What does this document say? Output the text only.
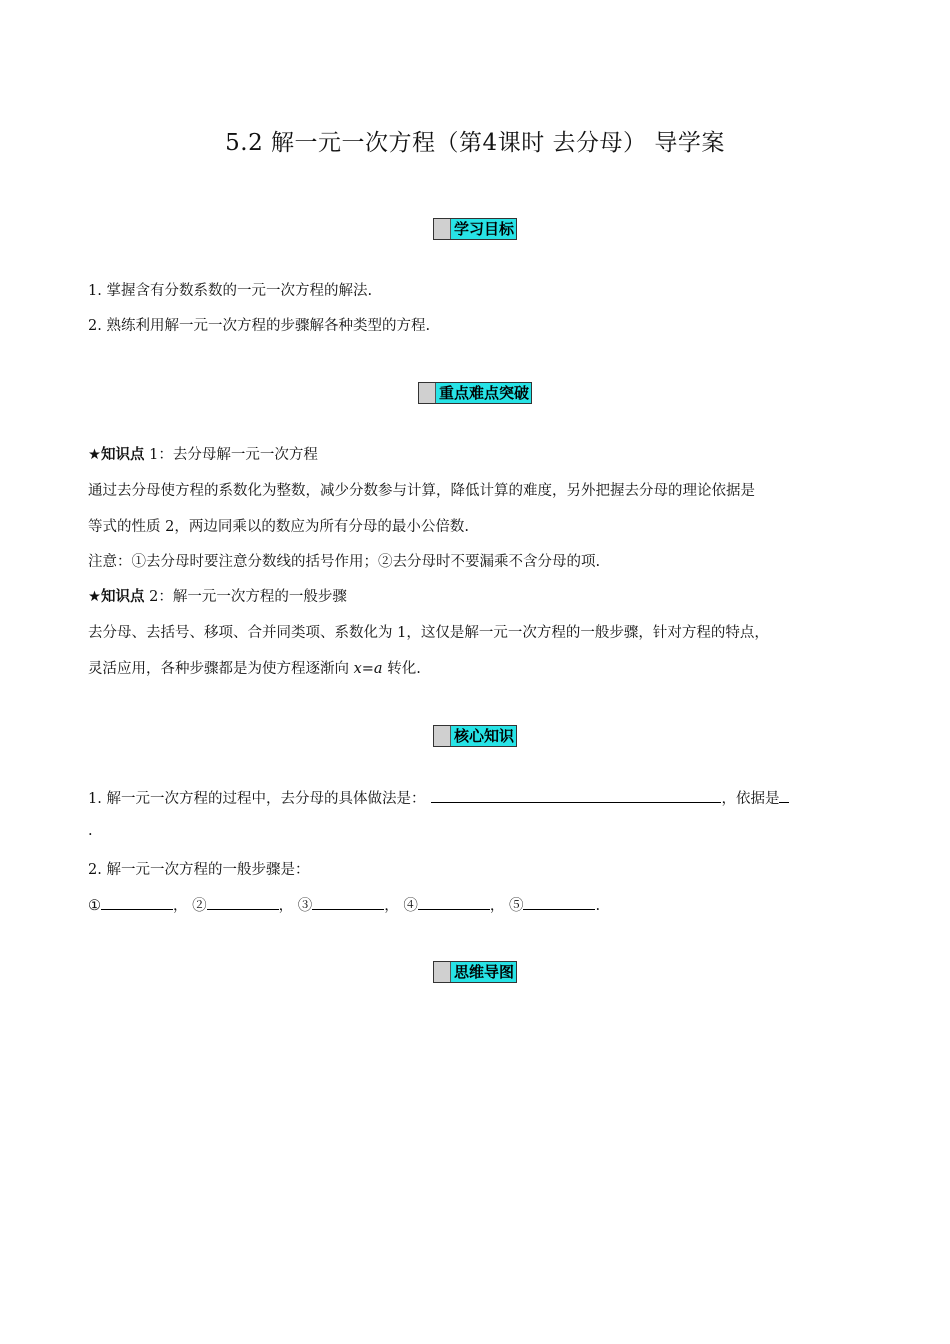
5.2 解一元一次方程（第4课时 去分母） 导学案
学习目标
1. 掌握含有分数系数的一元一次方程的解法.
2. 熟练利用解一元一次方程的步骤解各种类型的方程.
重点难点突破
★知识点 1：去分母解一元一次方程
通过去分母使方程的系数化为整数，减少分数参与计算，降低计算的难度，另外把握去分母的理论依据是
等式的性质 2，两边同乘以的数应为所有分母的最小公倍数.
注意：①去分母时要注意分数线的括号作用；②去分母时不要漏乘不含分母的项.
★知识点 2：解一元一次方程的一般步骤
去分母、去括号、移项、合并同类项、系数化为 1，这仅是解一元一次方程的一般步骤，针对方程的特点，
灵活应用，各种步骤都是为使方程逐渐向 x=a 转化.
核心知识
1. 解一元一次方程的过程中，去分母的具体做法是：	，依据是
.
2. 解一元一次方程的一般步骤是：
①	， ②	， ③	， ④	， ⑤	.
思维导图
